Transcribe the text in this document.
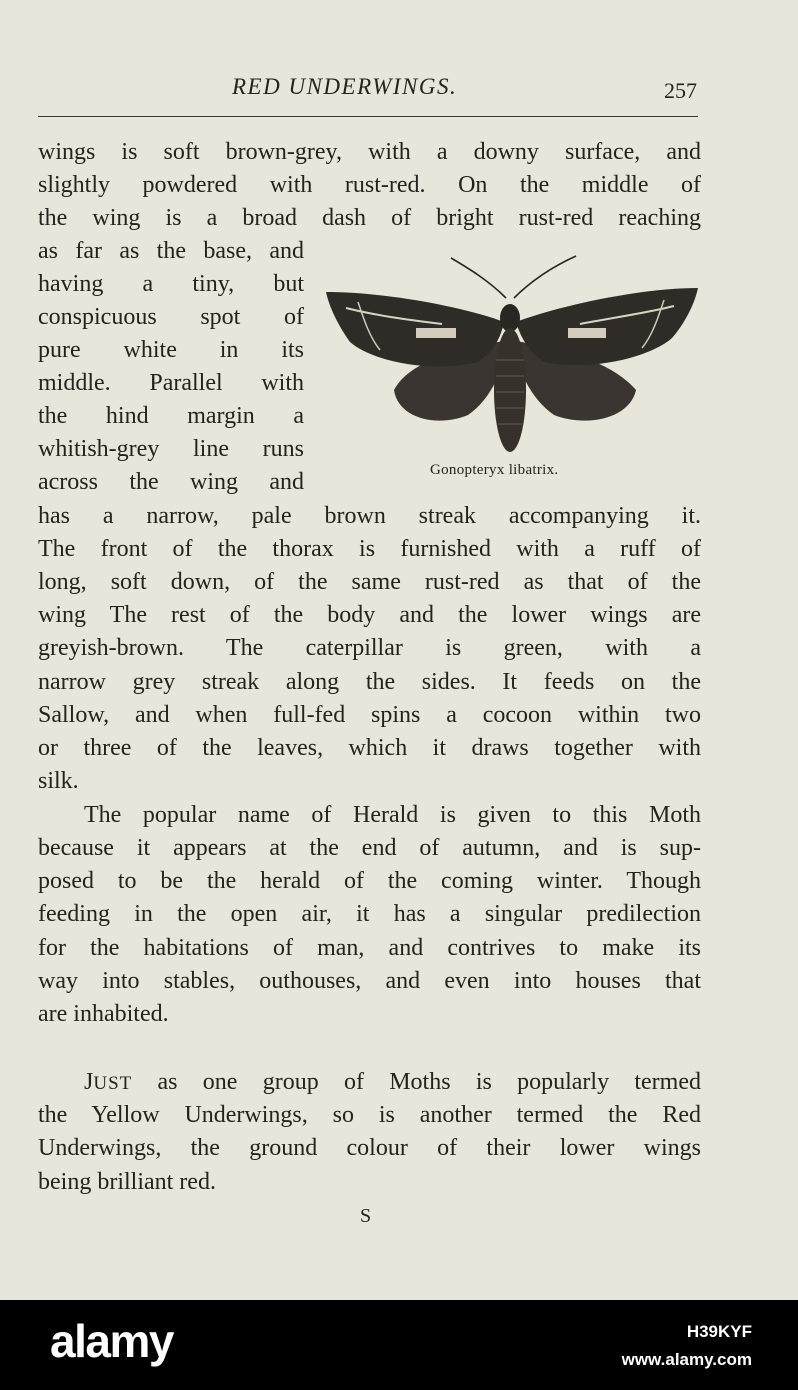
RED UNDERWINGS.	257
wings is soft brown-grey, with a downy surface, and
slightly powdered with rust-red. On the middle of
the wing is a broad dash of bright rust-red reaching
as far as the base, and
having a tiny, but
conspicuous spot of
pure white in its
middle. Parallel with
the hind margin a
whitish-grey line runs
across the wing and
has a narrow, pale brown streak accompanying it.
The front of the thorax is furnished with a ruff of
long, soft down, of the same rust-red as that of the
wing The rest of the body and the lower wings are
greyish-brown. The caterpillar is green, with a
narrow grey streak along the sides. It feeds on the
Sallow, and when full-fed spins a cocoon within two
or three of the leaves, which it draws together with
silk.
The popular name of Herald is given to this Moth
because it appears at the end of autumn, and is sup-
posed to be the herald of the coming winter. Though
feeding in the open air, it has a singular predilection
for the habitations of man, and contrives to make its
way into stables, outhouses, and even into houses that
are inhabited.
JUST as one group of Moths is popularly termed
the Yellow Underwings, so is another termed the Red
Underwings, the ground colour of their lower wings
being brilliant red.
Gonopteryx libatrix.
S
alamy	H39KYF
www.alamy.com
